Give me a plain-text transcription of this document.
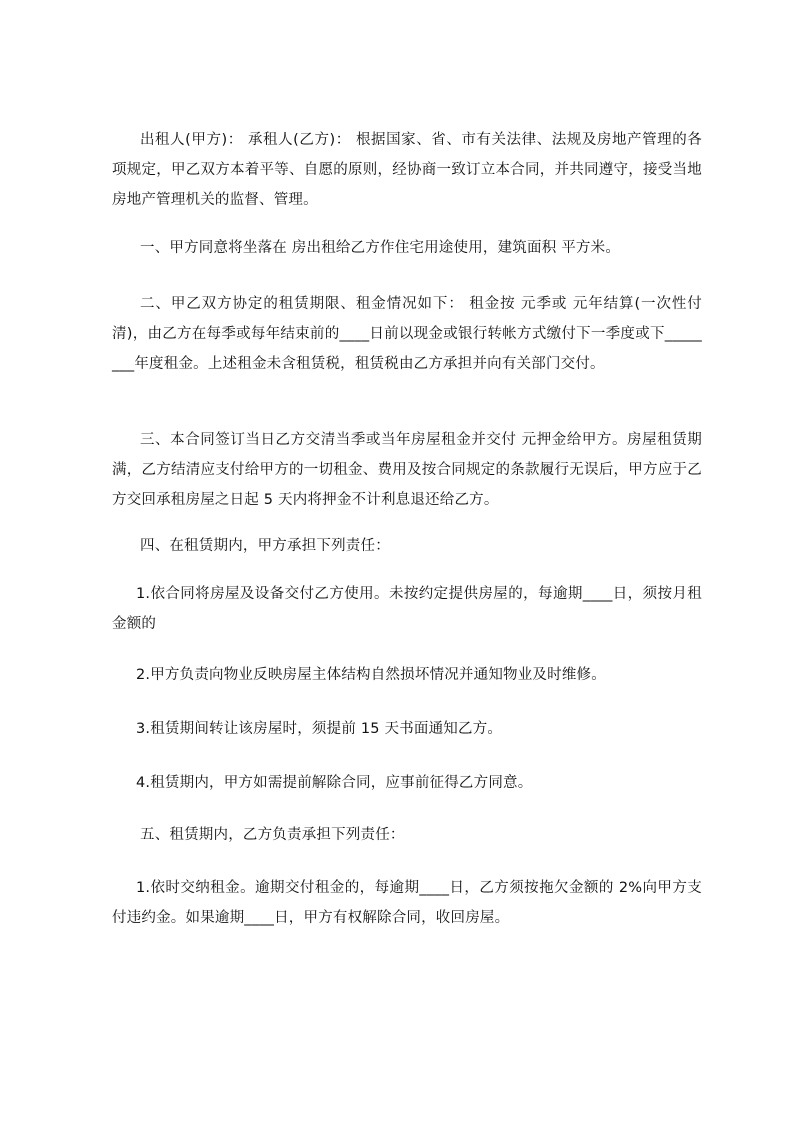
出租人(甲方)： 承租人(乙方)： 根据国家、省、市有关法律、法规及房地产管理的各项规定，甲乙双方本着平等、自愿的原则，经协商一致订立本合同，并共同遵守，接受当地房地产管理机关的监督、管理。

一、甲方同意将坐落在 房出租给乙方作住宅用途使用，建筑面积 平方米。

二、甲乙双方协定的租赁期限、租金情况如下： 租金按 元季或 元年结算(一次性付清)，由乙方在每季或每年结束前的____日前以现金或银行转帐方式缴付下一季度或下________年度租金。上述租金未含租赁税，租赁税由乙方承担并向有关部门交付。

三、本合同签订当日乙方交清当季或当年房屋租金并交付 元押金给甲方。房屋租赁期满，乙方结清应支付给甲方的一切租金、费用及按合同规定的条款履行无误后，甲方应于乙方交回承租房屋之日起 5 天内将押金不计利息退还给乙方。

四、在租赁期内，甲方承担下列责任：

1.依合同将房屋及设备交付乙方使用。未按约定提供房屋的，每逾期____日，须按月租金额的

2.甲方负责向物业反映房屋主体结构自然损坏情况并通知物业及时维修。

3.租赁期间转让该房屋时，须提前 15 天书面通知乙方。

4.租赁期内，甲方如需提前解除合同，应事前征得乙方同意。

五、租赁期内，乙方负责承担下列责任：

1.依时交纳租金。逾期交付租金的，每逾期____日，乙方须按拖欠金额的 2%向甲方支付违约金。如果逾期____日，甲方有权解除合同，收回房屋。
